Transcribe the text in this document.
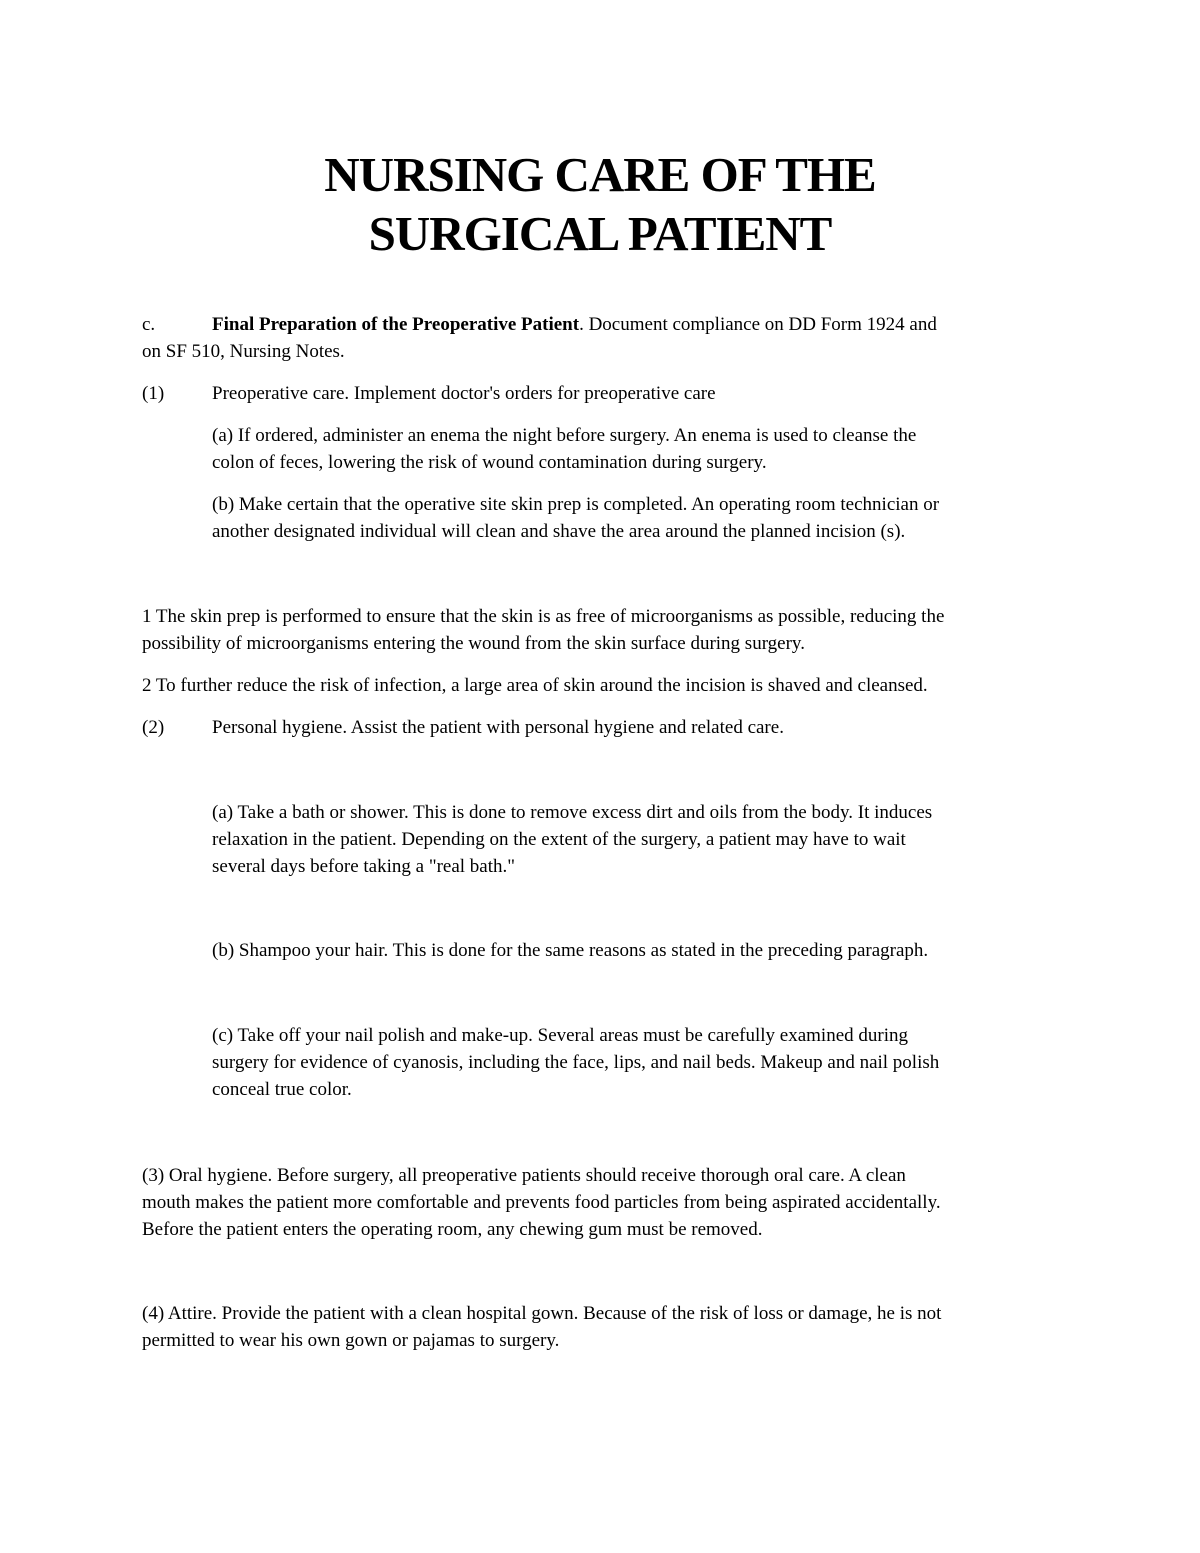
NURSING CARE OF THE
SURGICAL PATIENT
c.	Final Preparation of the Preoperative Patient. Document compliance on DD Form 1924 and
on SF 510, Nursing Notes.
(1)	Preoperative care. Implement doctor's orders for preoperative care
(a) If ordered, administer an enema the night before surgery. An enema is used to cleanse the
colon of feces, lowering the risk of wound contamination during surgery.
(b) Make certain that the operative site skin prep is completed. An operating room technician or
another designated individual will clean and shave the area around the planned incision (s).
1 The skin prep is performed to ensure that the skin is as free of microorganisms as possible, reducing the
possibility of microorganisms entering the wound from the skin surface during surgery.
2 To further reduce the risk of infection, a large area of skin around the incision is shaved and cleansed.
(2)	Personal hygiene. Assist the patient with personal hygiene and related care.
(a) Take a bath or shower. This is done to remove excess dirt and oils from the body. It induces
relaxation in the patient. Depending on the extent of the surgery, a patient may have to wait
several days before taking a "real bath."
(b) Shampoo your hair. This is done for the same reasons as stated in the preceding paragraph.
(c) Take off your nail polish and make-up. Several areas must be carefully examined during
surgery for evidence of cyanosis, including the face, lips, and nail beds. Makeup and nail polish
conceal true color.
(3) Oral hygiene. Before surgery, all preoperative patients should receive thorough oral care. A clean
mouth makes the patient more comfortable and prevents food particles from being aspirated accidentally.
Before the patient enters the operating room, any chewing gum must be removed.
(4) Attire. Provide the patient with a clean hospital gown. Because of the risk of loss or damage, he is not
permitted to wear his own gown or pajamas to surgery.
